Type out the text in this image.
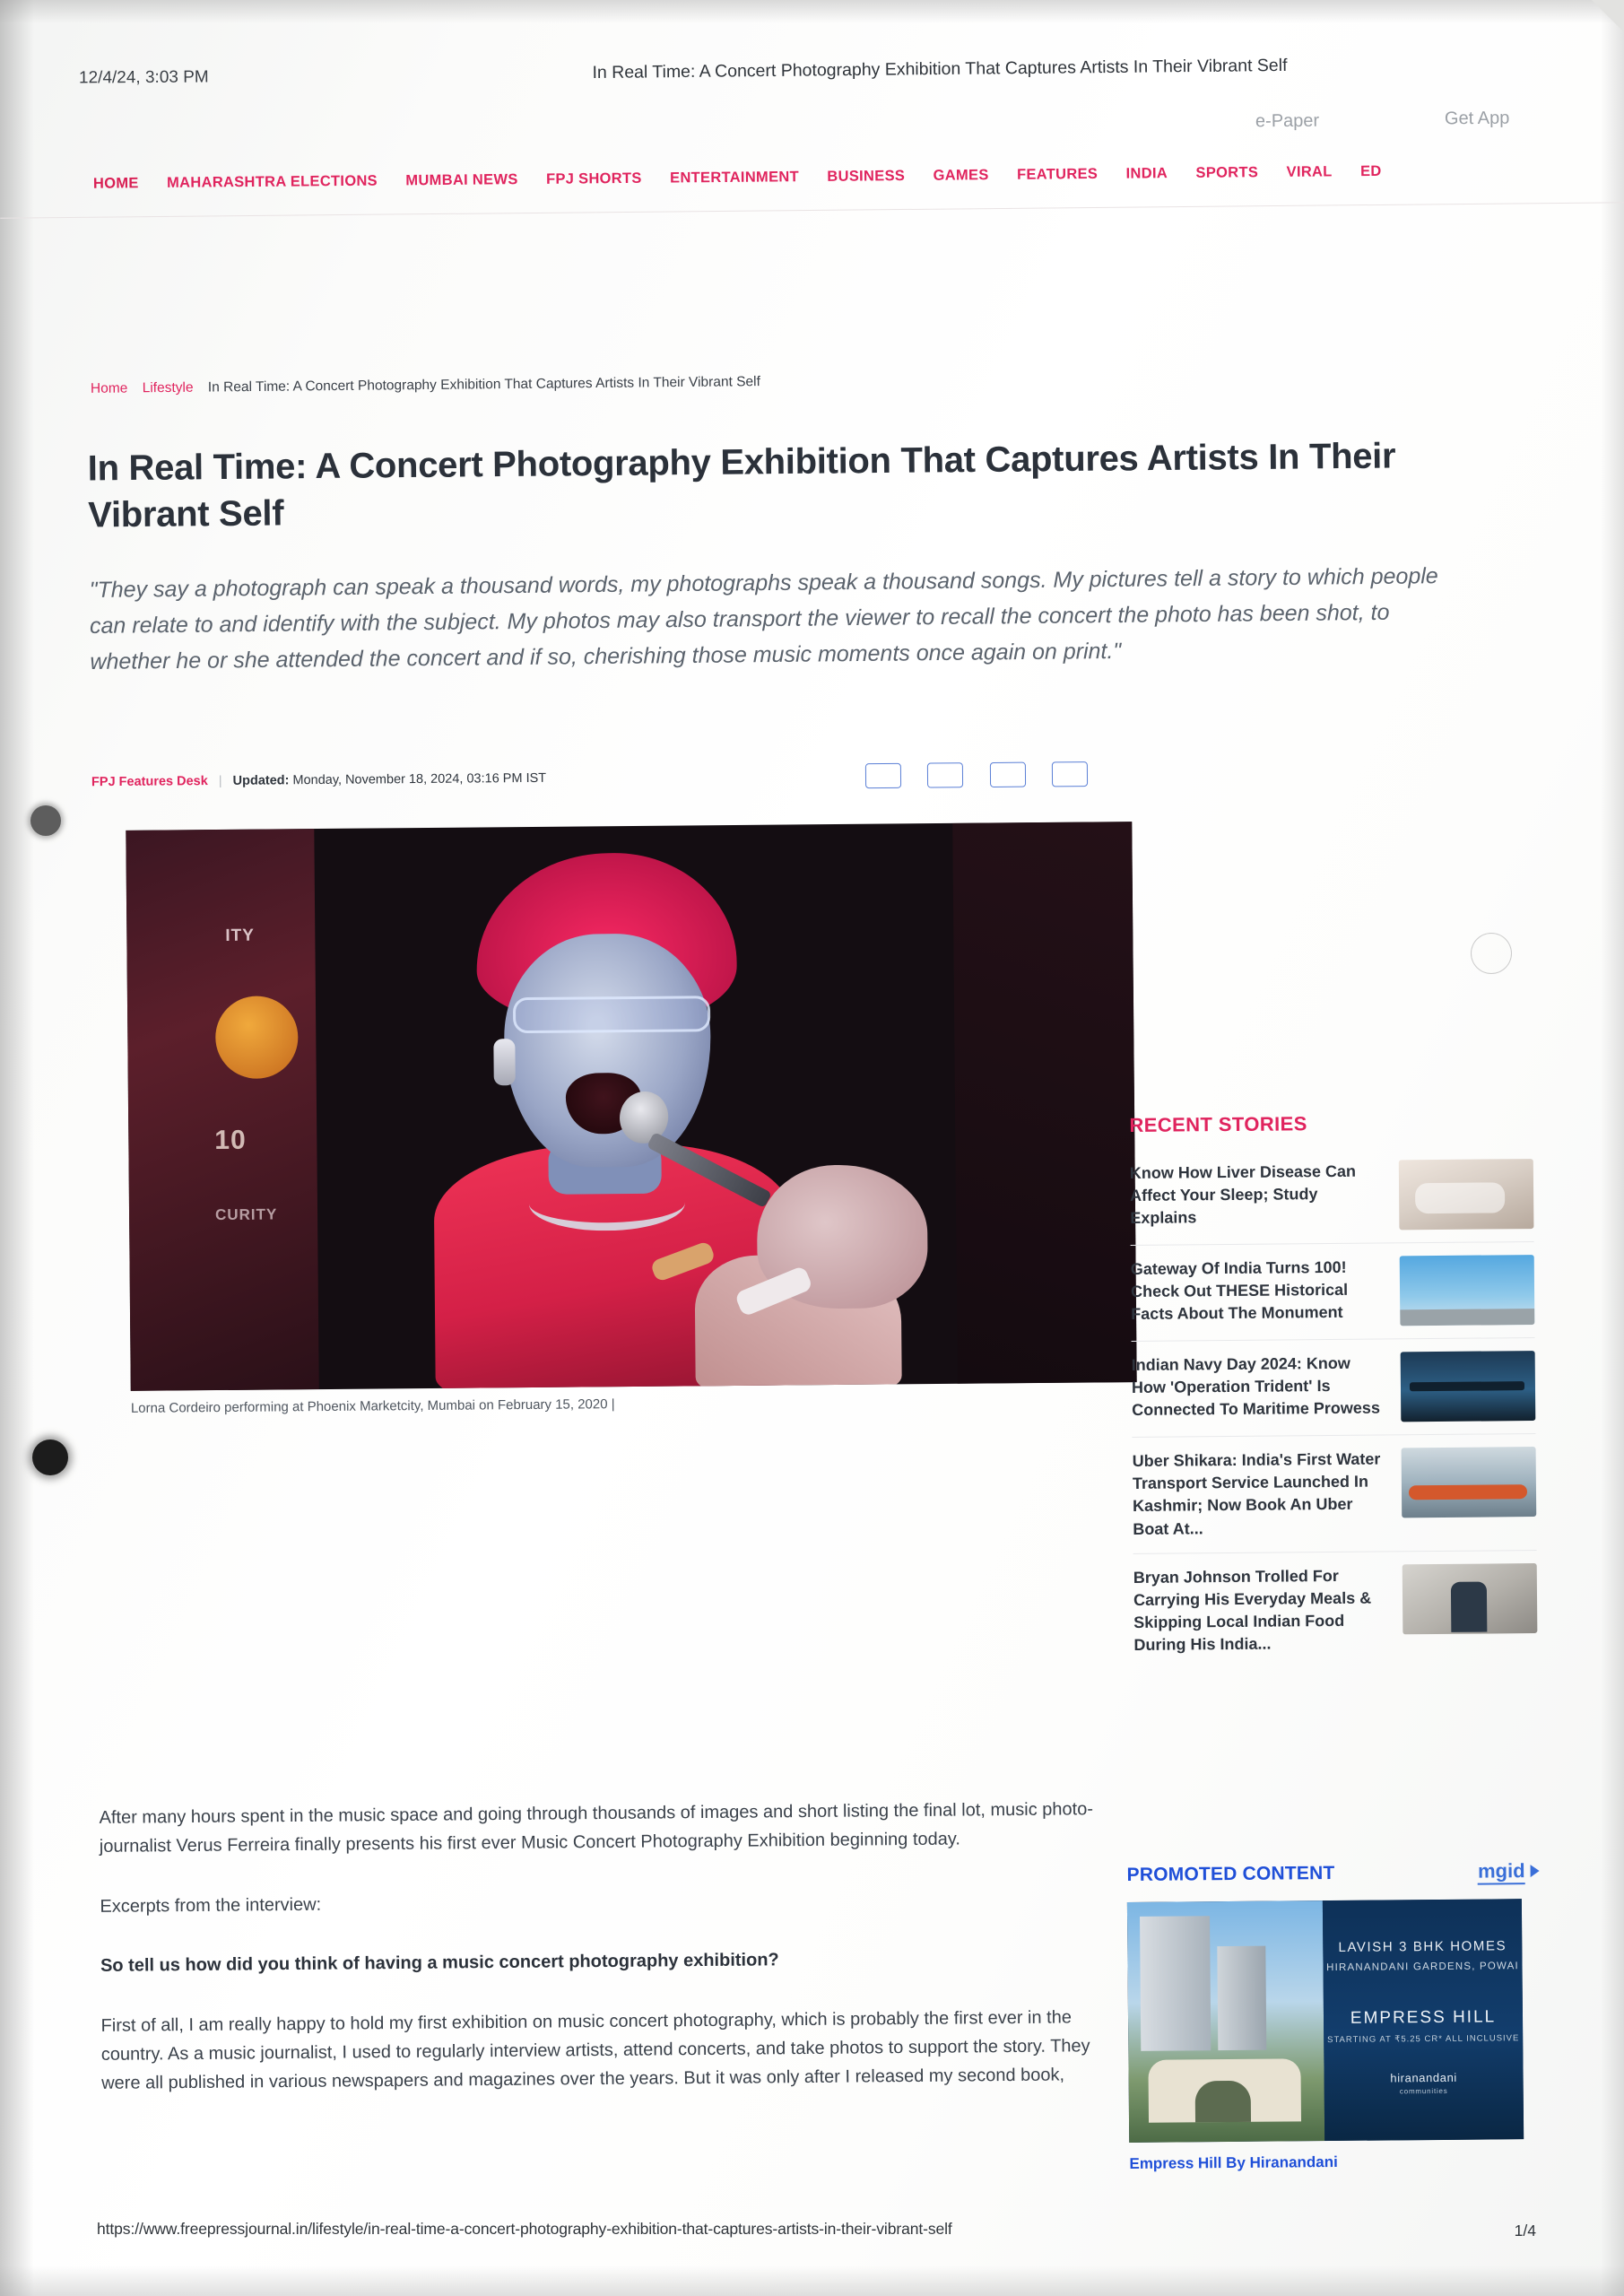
12/4/24, 3:03 PM	In Real Time: A Concert Photography Exhibition That Captures Artists In Their Vibrant Self
e-Paper	Get App
HOME MAHARASHTRA ELECTIONS MUMBAI NEWS FPJ SHORTS ENTERTAINMENT BUSINESS GAMES FEATURES INDIA SPORTS VIRAL ED
Home Lifestyle In Real Time: A Concert Photography Exhibition That Captures Artists In Their Vibrant Self
In Real Time: A Concert Photography Exhibition That Captures Artists In Their Vibrant Self
"They say a photograph can speak a thousand words, my photographs speak a thousand songs. My pictures tell a story to which people can relate to and identify with the subject. My photos may also transport the viewer to recall the concert the photo has been shot, to whether he or she attended the concert and if so, cherishing those music moments once again on print."
FPJ Features Desk | Updated: Monday, November 18, 2024, 03:16 PM IST

ITY
10
CURITY
Lorna Cordeiro performing at Phoenix Marketcity, Mumbai on February 15, 2020 |

After many hours spent in the music space and going through thousands of images and short listing the final lot, music photo-journalist Verus Ferreira finally presents his first ever Music Concert Photography Exhibition beginning today.

Excerpts from the interview:

So tell us how did you think of having a music concert photography exhibition?

First of all, I am really happy to hold my first exhibition on music concert photography, which is probably the first ever in the country. As a music journalist, I used to regularly interview artists, attend concerts, and take photos to support the story. They were all published in various newspapers and magazines over the years. But it was only after I released my second book,

RECENT STORIES
Know How Liver Disease Can Affect Your Sleep; Study Explains
Gateway Of India Turns 100! Check Out THESE Historical Facts About The Monument
Indian Navy Day 2024: Know How 'Operation Trident' Is Connected To Maritime Prowess
Uber Shikara: India's First Water Transport Service Launched In Kashmir; Now Book An Uber Boat At...
Bryan Johnson Trolled For Carrying His Everyday Meals & Skipping Local Indian Food During His India...
PROMOTED CONTENT	mgid
LAVISH 3 BHK HOMES
HIRANANDANI GARDENS, POWAI
EMPRESS HILL
STARTING AT ₹5.25 CR* ALL INCLUSIVE
hiranandani
communities
Empress Hill By Hiranandani
https://www.freepressjournal.in/lifestyle/in-real-time-a-concert-photography-exhibition-that-captures-artists-in-their-vibrant-self	1/4
